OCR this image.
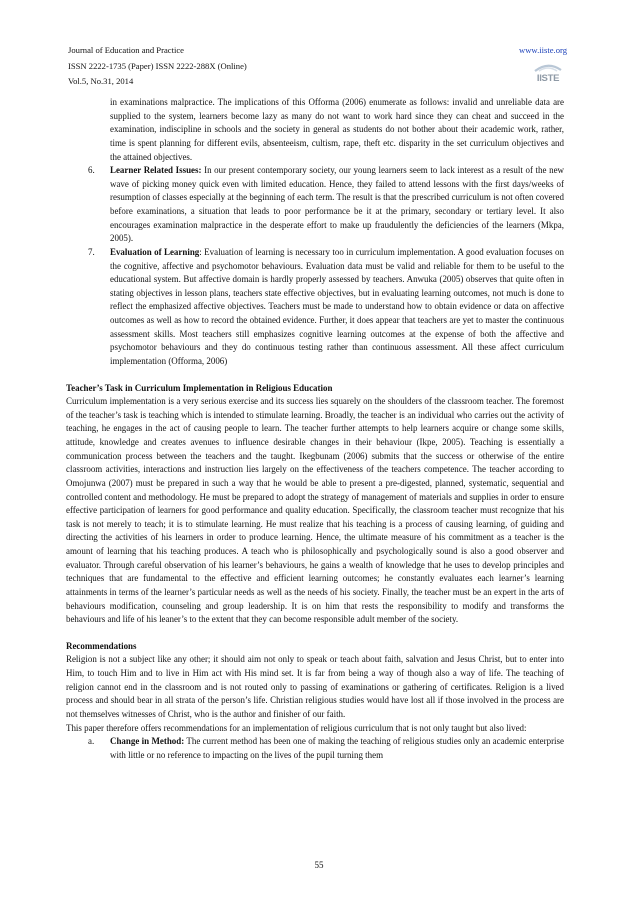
Journal of Education and Practice	www.iiste.org
ISSN 2222-1735 (Paper) ISSN 2222-288X (Online)
Vol.5, No.31, 2014	IISTE

in examinations malpractice. The implications of this Offorma (2006) enumerate as follows: invalid and unreliable data are supplied to the system, learners become lazy as many do not want to work hard since they can cheat and succeed in the examination, indiscipline in schools and the society in general as students do not bother about their academic work, rather, time is spent planning for different evils, absenteeism, cultism, rape, theft etc. disparity in the set curriculum objectives and the attained objectives.

6. Learner Related Issues: In our present contemporary society, our young learners seem to lack interest as a result of the new wave of picking money quick even with limited education. Hence, they failed to attend lessons with the first days/weeks of resumption of classes especially at the beginning of each term. The result is that the prescribed curriculum is not often covered before examinations, a situation that leads to poor performance be it at the primary, secondary or tertiary level. It also encourages examination malpractice in the desperate effort to make up fraudulently the deficiencies of the learners (Mkpa, 2005).

7. Evaluation of Learning: Evaluation of learning is necessary too in curriculum implementation. A good evaluation focuses on the cognitive, affective and psychomotor behaviours. Evaluation data must be valid and reliable for them to be useful to the educational system. But affective domain is hardly properly assessed by teachers. Anwuka (2005) observes that quite often in stating objectives in lesson plans, teachers state effective objectives, but in evaluating learning outcomes, not much is done to reflect the emphasized affective objectives. Teachers must be made to understand how to obtain evidence or data on affective outcomes as well as how to record the obtained evidence. Further, it does appear that teachers are yet to master the continuous assessment skills. Most teachers still emphasizes cognitive learning outcomes at the expense of both the affective and psychomotor behaviours and they do continuous testing rather than continuous assessment. All these affect curriculum implementation (Offorma, 2006)

Teacher’s Task in Curriculum Implementation in Religious Education
Curriculum implementation is a very serious exercise and its success lies squarely on the shoulders of the classroom teacher. The foremost of the teacher’s task is teaching which is intended to stimulate learning. Broadly, the teacher is an individual who carries out the activity of teaching, he engages in the act of causing people to learn. The teacher further attempts to help learners acquire or change some skills, attitude, knowledge and creates avenues to influence desirable changes in their behaviour (Ikpe, 2005). Teaching is essentially a communication process between the teachers and the taught. Ikegbunam (2006) submits that the success or otherwise of the entire classroom activities, interactions and instruction lies largely on the effectiveness of the teachers competence. The teacher according to Omojunwa (2007) must be prepared in such a way that he would be able to present a pre-digested, planned, systematic, sequential and controlled content and methodology. He must be prepared to adopt the strategy of management of materials and supplies in order to ensure effective participation of learners for good performance and quality education. Specifically, the classroom teacher must recognize that his task is not merely to teach; it is to stimulate learning. He must realize that his teaching is a process of causing learning, of guiding and directing the activities of his learners in order to produce learning. Hence, the ultimate measure of his commitment as a teacher is the amount of learning that his teaching produces. A teach who is philosophically and psychologically sound is also a good observer and evaluator. Through careful observation of his learner’s behaviours, he gains a wealth of knowledge that he uses to develop principles and techniques that are fundamental to the effective and efficient learning outcomes; he constantly evaluates each learner’s learning attainments in terms of the learner’s particular needs as well as the needs of his society. Finally, the teacher must be an expert in the arts of behaviours modification, counseling and group leadership. It is on him that rests the responsibility to modify and transforms the behaviours and life of his leaner’s to the extent that they can become responsible adult member of the society.

Recommendations
Religion is not a subject like any other; it should aim not only to speak or teach about faith, salvation and Jesus Christ, but to enter into Him, to touch Him and to live in Him act with His mind set. It is far from being a way of though also a way of life. The teaching of religion cannot end in the classroom and is not routed only to passing of examinations or gathering of certificates. Religion is a lived process and should bear in all strata of the person’s life. Christian religious studies would have lost all if those involved in the process are not themselves witnesses of Christ, who is the author and finisher of our faith.

This paper therefore offers recommendations for an implementation of religious curriculum that is not only taught but also lived:

a. Change in Method: The current method has been one of making the teaching of religious studies only an academic enterprise with little or no reference to impacting on the lives of the pupil turning them

55
